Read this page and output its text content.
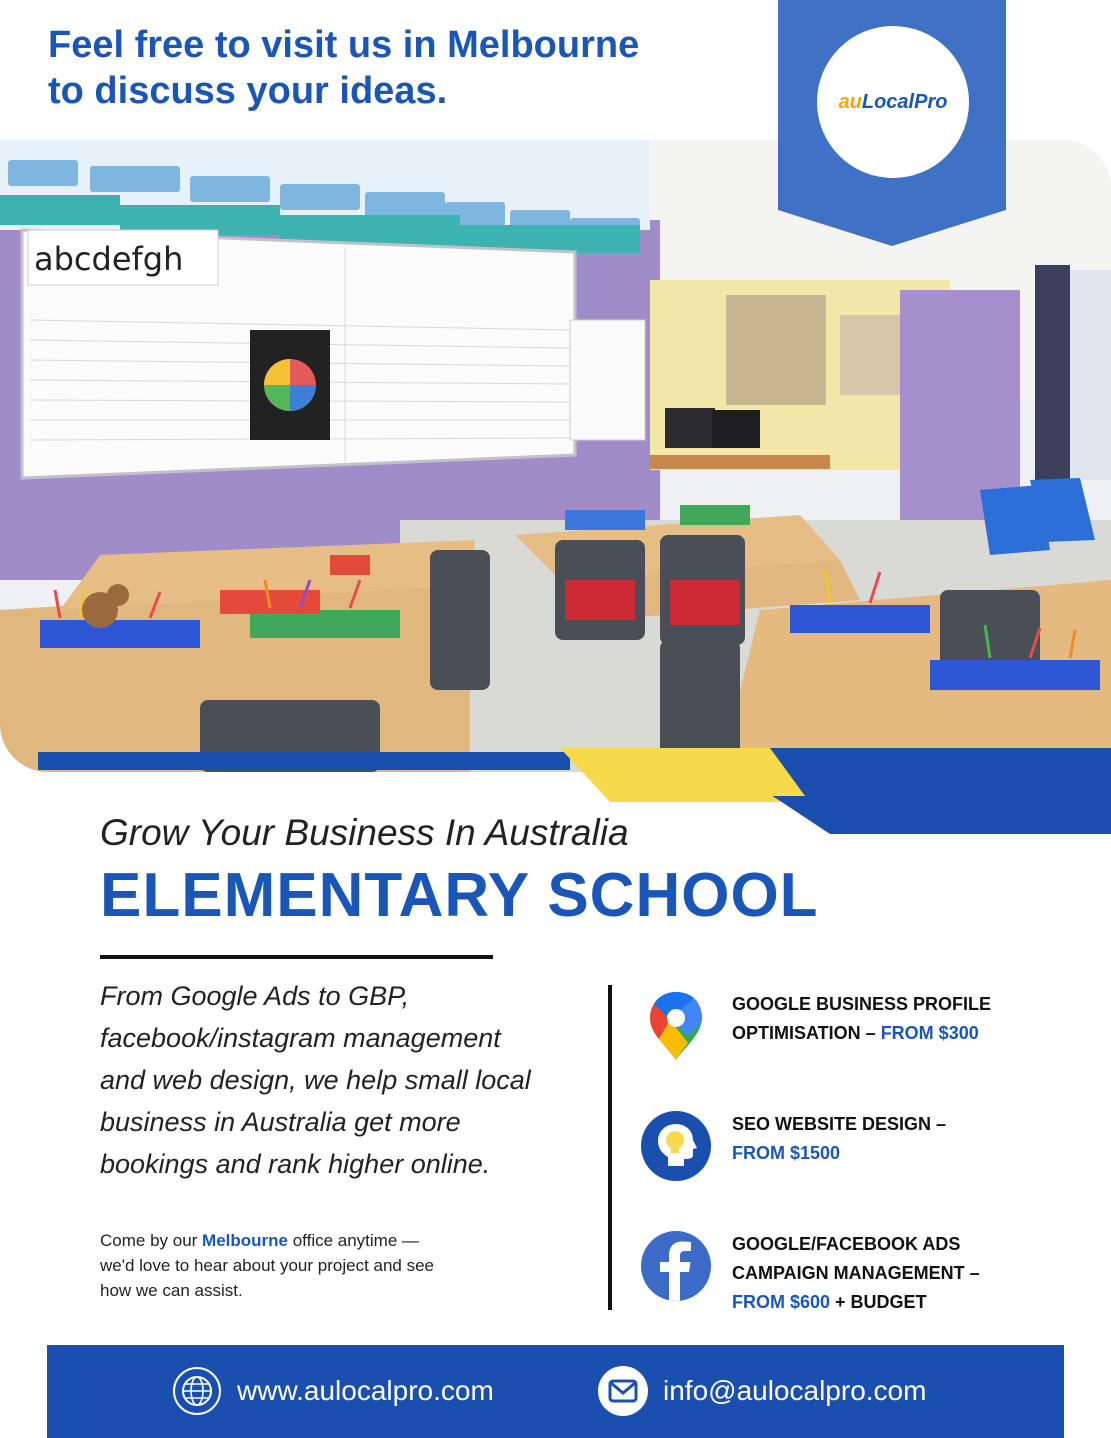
Feel free to visit us in Melbourne
to discuss your ideas.
abcdefgh
auLocalPro
Grow Your Business In Australia
ELEMENTARY SCHOOL
From Google Ads to GBP,
facebook/instagram management
and web design, we help small local
business in Australia get more
bookings and rank higher online.
Come by our Melbourne office anytime —
we'd love to hear about your project and see
how we can assist.
GOOGLE BUSINESS PROFILE
OPTIMISATION – FROM $300
SEO WEBSITE DESIGN –
FROM $1500
GOOGLE/FACEBOOK ADS
CAMPAIGN MANAGEMENT –
FROM $600 + BUDGET
www.aulocalpro.com	info@aulocalpro.com
